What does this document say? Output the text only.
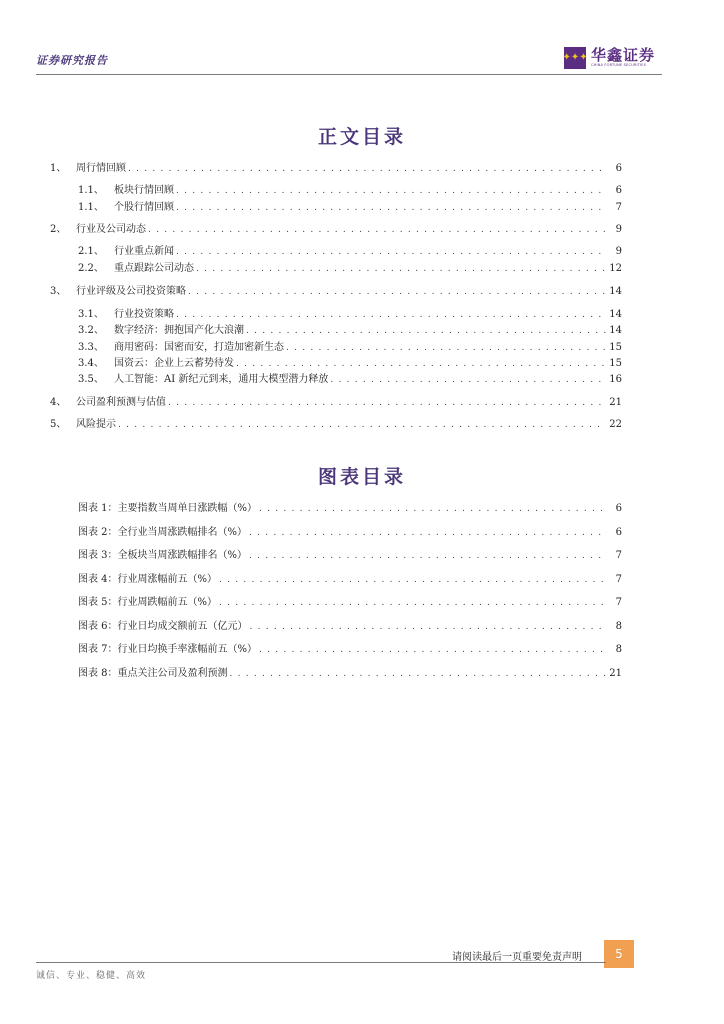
证券研究报告	✦✦✦ 华鑫证券
CHINA FORTUNE SECURITIES
正文目录
1、 周行情回顾 . . .	6
1.1、	板块行情回顾 . . .	6
1.1、	个股行情回顾 . . .	7
2、 行业及公司动态 . . .	9
2.1、	行业重点新闻 . . .	9
2.2、	重点跟踪公司动态 . . .	12
3、 行业评级及公司投资策略 . . .	14
3.1、	行业投资策略 . . .	14
3.2、	数字经济：拥抱国产化大浪潮 . . .	14
3.3、	商用密码：国密而安，打造加密新生态 . . .	15
3.4、	国资云：企业上云蓄势待发 . . .	15
3.5、	人工智能：AI 新纪元到来，通用大模型潜力释放 . . .	16
4、 公司盈利预测与估值 . . .	21
5、 风险提示 . . .	22
图表目录
图表 1：主要指数当周单日涨跌幅（%） . . .	6
图表 2：全行业当周涨跌幅排名（%） . . .	6
图表 3：全板块当周涨跌幅排名（%） . . .	7
图表 4：行业周涨幅前五（%） . . .	7
图表 5：行业周跌幅前五（%） . . .	7
图表 6：行业日均成交额前五（亿元） . . .	8
图表 7：行业日均换手率涨幅前五（%） . . .	8
图表 8：重点关注公司及盈利预测 . . .	21
请阅读最后一页重要免责声明	5
诚信、专业、稳健、高效
